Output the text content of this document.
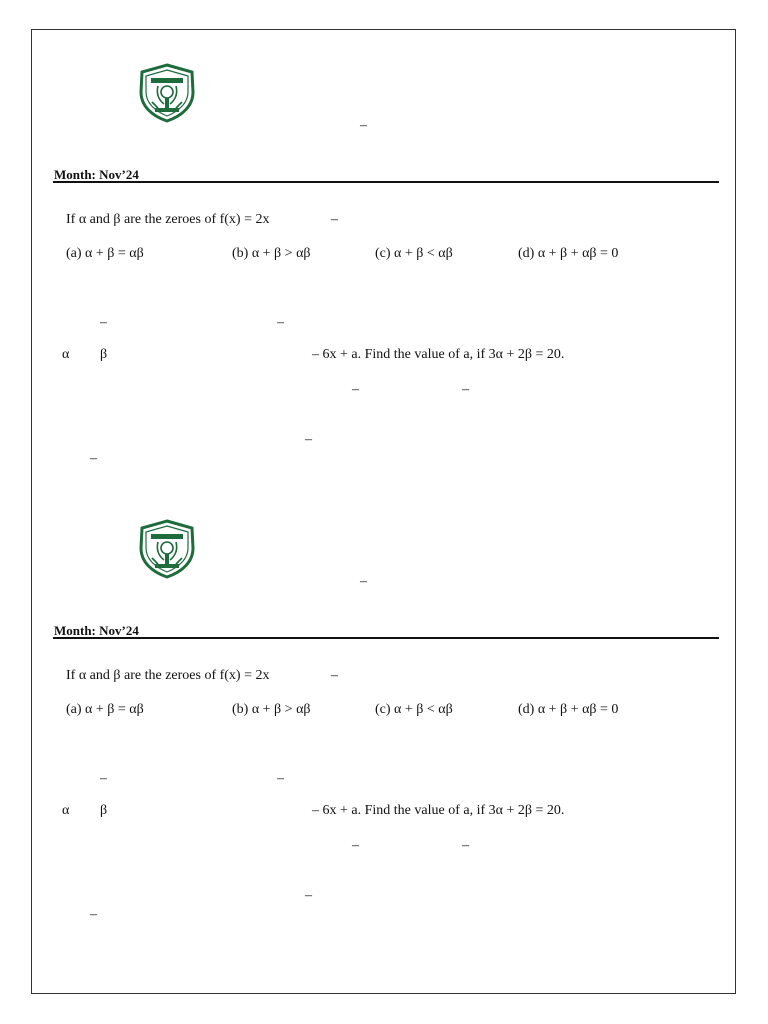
–
Month: Nov’24
If α and β are the zeroes of f(x) = 2x	–
(a) α + β = αβ	(b) α + β > αβ	(c) α + β < αβ	(d) α + β + αβ = 0
–	–
α β	– 6x + a. Find the value of a, if 3α + 2β = 20.
–	–
–
–
–
Month: Nov’24
If α and β are the zeroes of f(x) = 2x	–
(a) α + β = αβ	(b) α + β > αβ	(c) α + β < αβ	(d) α + β + αβ = 0
–	–
α β	– 6x + a. Find the value of a, if 3α + 2β = 20.
–	–
–
–
